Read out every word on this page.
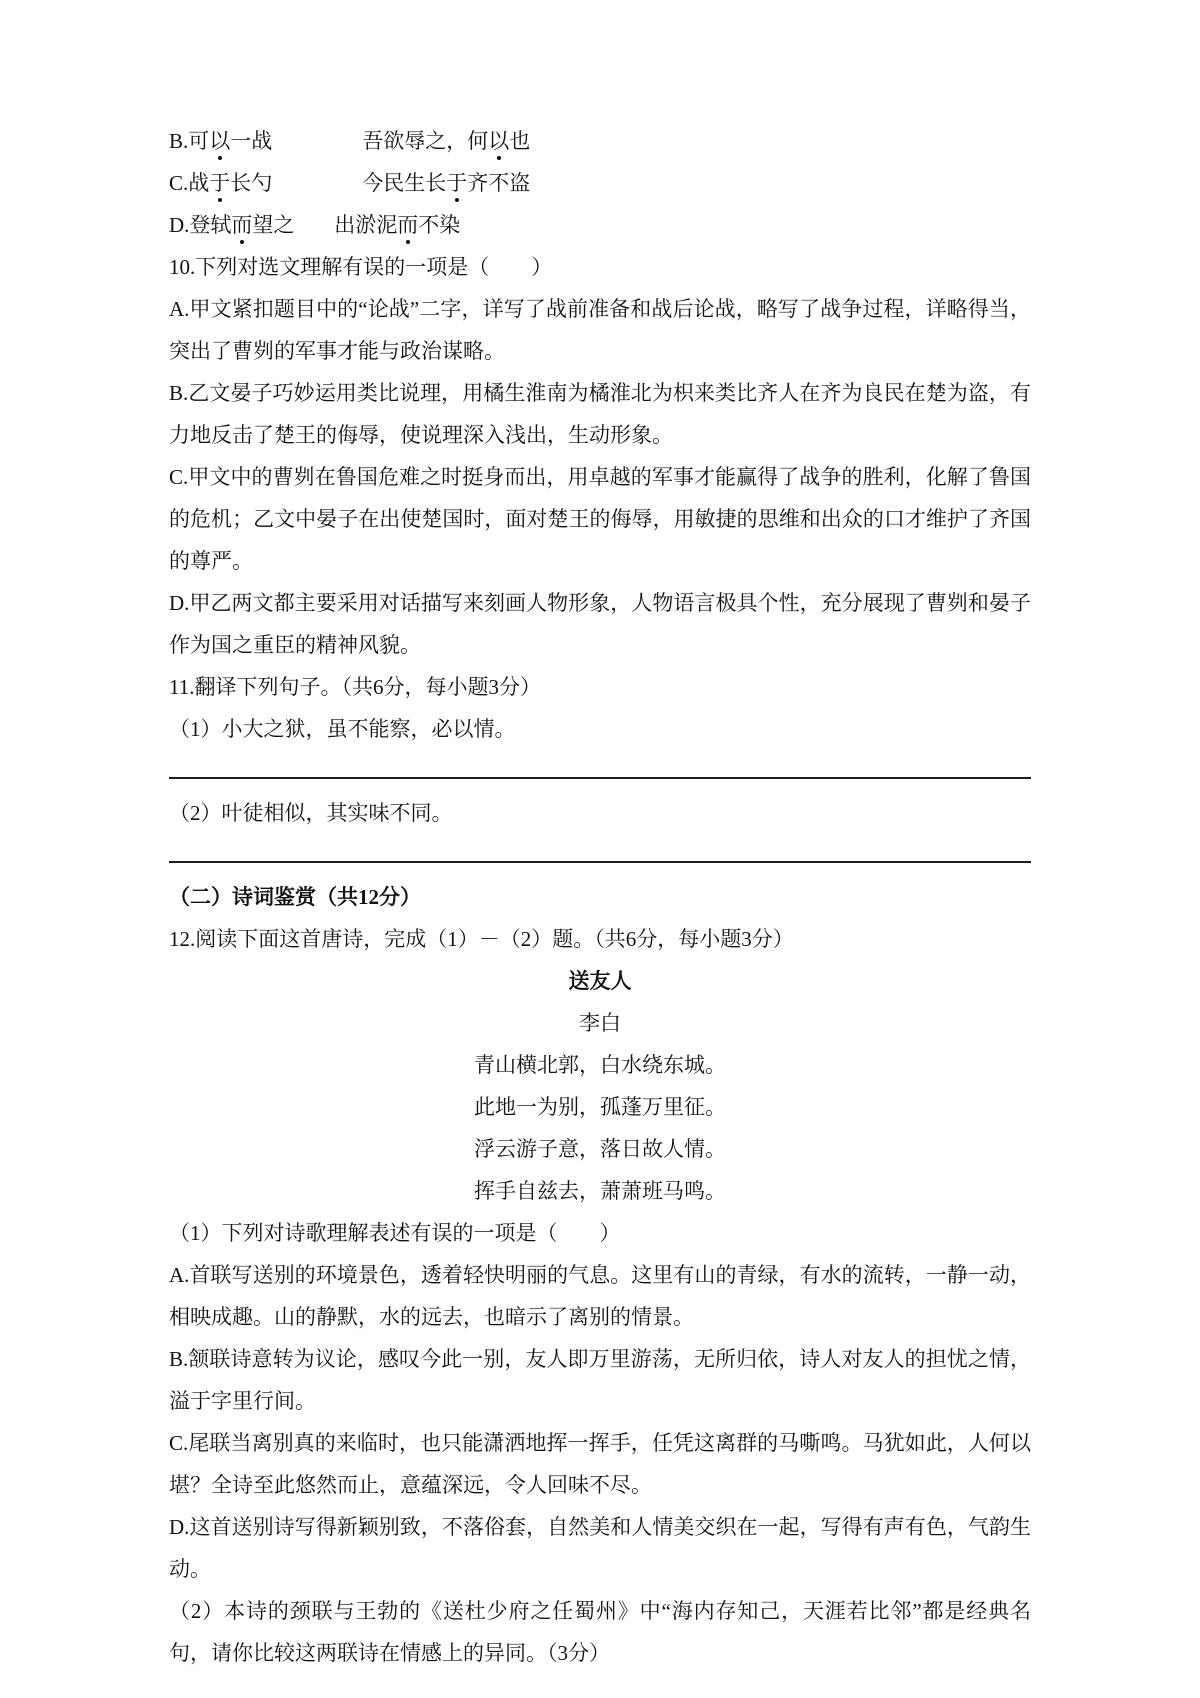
B.可以一战	吾欲辱之，何以也
C.战于长勺	今民生长于齐不盗
D.登轼而望之 出淤泥而不染

10.下列对选文理解有误的一项是（　　）

A.甲文紧扣题目中的“论战”二字，详写了战前准备和战后论战，略写了战争过程，详略得当，突出了曹刿的军事才能与政治谋略。

B.乙文晏子巧妙运用类比说理，用橘生淮南为橘淮北为枳来类比齐人在齐为良民在楚为盗，有力地反击了楚王的侮辱，使说理深入浅出，生动形象。

C.甲文中的曹刿在鲁国危难之时挺身而出，用卓越的军事才能赢得了战争的胜利，化解了鲁国的危机；乙文中晏子在出使楚国时，面对楚王的侮辱，用敏捷的思维和出众的口才维护了齐国的尊严。

D.甲乙两文都主要采用对话描写来刻画人物形象，人物语言极具个性，充分展现了曹刿和晏子作为国之重臣的精神风貌。

11.翻译下列句子。（共6分，每小题3分）

（1）小大之狱，虽不能察，必以情。

（2）叶徒相似，其实味不同。

（二）诗词鉴赏（共12分）

12.阅读下面这首唐诗，完成（1）－（2）题。（共6分，每小题3分）

送友人

李白

青山横北郭，白水绕东城。

此地一为别，孤蓬万里征。

浮云游子意，落日故人情。

挥手自兹去，萧萧班马鸣。

（1）下列对诗歌理解表述有误的一项是（　　）

A.首联写送别的环境景色，透着轻快明丽的气息。这里有山的青绿，有水的流转，一静一动，相映成趣。山的静默，水的远去，也暗示了离别的情景。

B.颔联诗意转为议论，感叹今此一别，友人即万里游荡，无所归依，诗人对友人的担忧之情，溢于字里行间。

C.尾联当离别真的来临时，也只能潇洒地挥一挥手，任凭这离群的马嘶鸣。马犹如此，人何以堪？全诗至此悠然而止，意蕴深远，令人回味不尽。

D.这首送别诗写得新颖别致，不落俗套，自然美和人情美交织在一起，写得有声有色，气韵生动。

（2）本诗的颈联与王勃的《送杜少府之任蜀州》中“海内存知己，天涯若比邻”都是经典名句，请你比较这两联诗在情感上的异同。（3分）
